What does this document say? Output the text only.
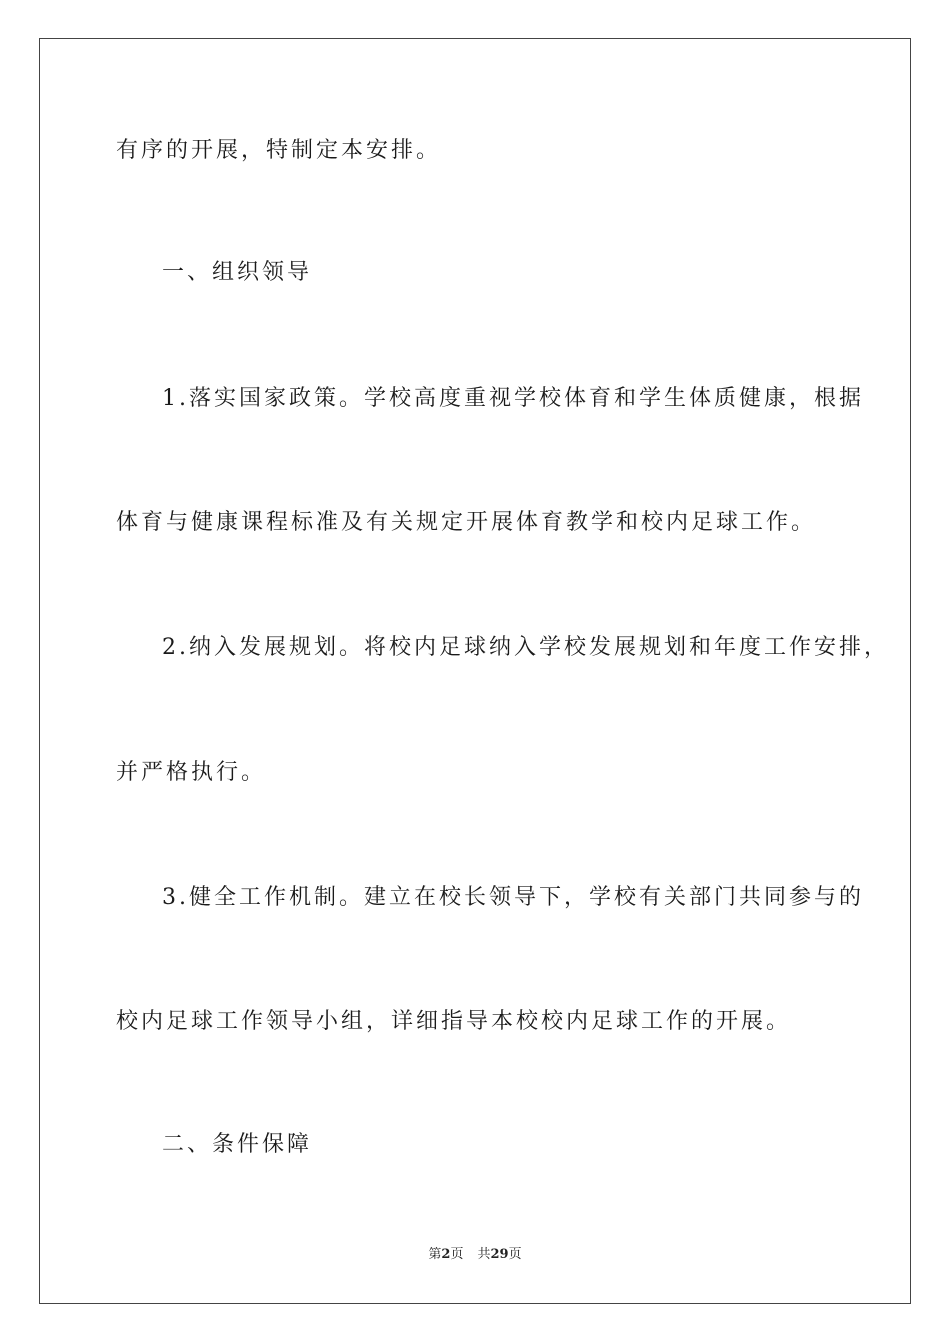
有序的开展，特制定本安排。
一、组织领导
1.落实国家政策。学校高度重视学校体育和学生体质健康，根据
体育与健康课程标准及有关规定开展体育教学和校内足球工作。
2.纳入发展规划。将校内足球纳入学校发展规划和年度工作安排，
并严格执行。
3.健全工作机制。建立在校长领导下，学校有关部门共同参与的
校内足球工作领导小组，详细指导本校校内足球工作的开展。
二、条件保障
第2页 共29页
